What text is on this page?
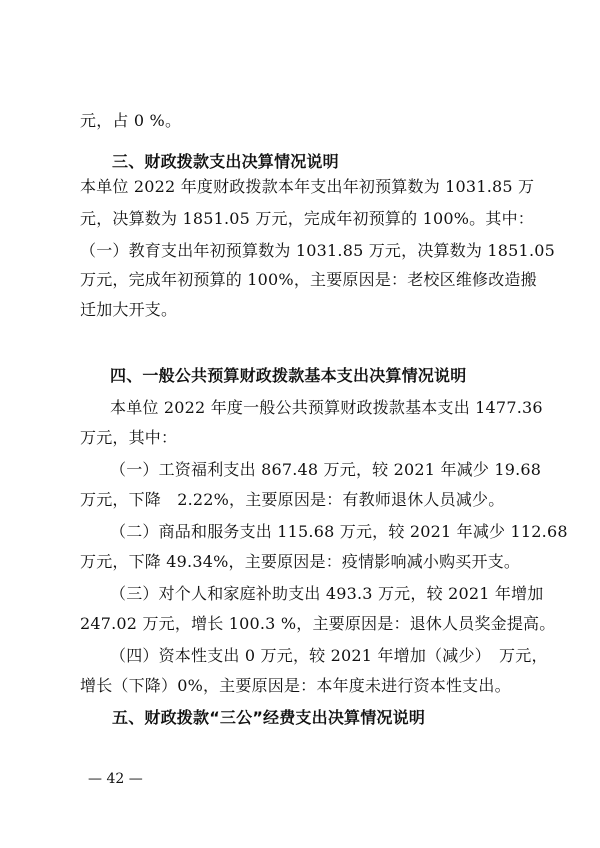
元，占 0 %。
三、财政拨款支出决算情况说明
本单位 2022 年度财政拨款本年支出年初预算数为 1031.85 万
元，决算数为 1851.05 万元，完成年初预算的 100%。其中：
（一）教育支出年初预算数为 1031.85 万元，决算数为 1851.05
万元，完成年初预算的 100%，主要原因是：老校区维修改造搬
迁加大开支。
四、一般公共预算财政拨款基本支出决算情况说明
本单位 2022 年度一般公共预算财政拨款基本支出 1477.36
万元，其中：
（一）工资福利支出 867.48 万元，较 2021 年减少 19.68
万元，下降　2.22%，主要原因是：有教师退休人员减少。
（二）商品和服务支出 115.68 万元，较 2021 年减少 112.68
万元，下降 49.34%，主要原因是：疫情影响减小购买开支。
（三）对个人和家庭补助支出 493.3 万元，较 2021 年增加
247.02 万元，增长 100.3 %，主要原因是：退休人员奖金提高。
（四）资本性支出 0 万元，较 2021 年增加（减少）　万元，
增长（下降）0%，主要原因是：本年度未进行资本性支出。
五、财政拨款“三公”经费支出决算情况说明
— 42 —
